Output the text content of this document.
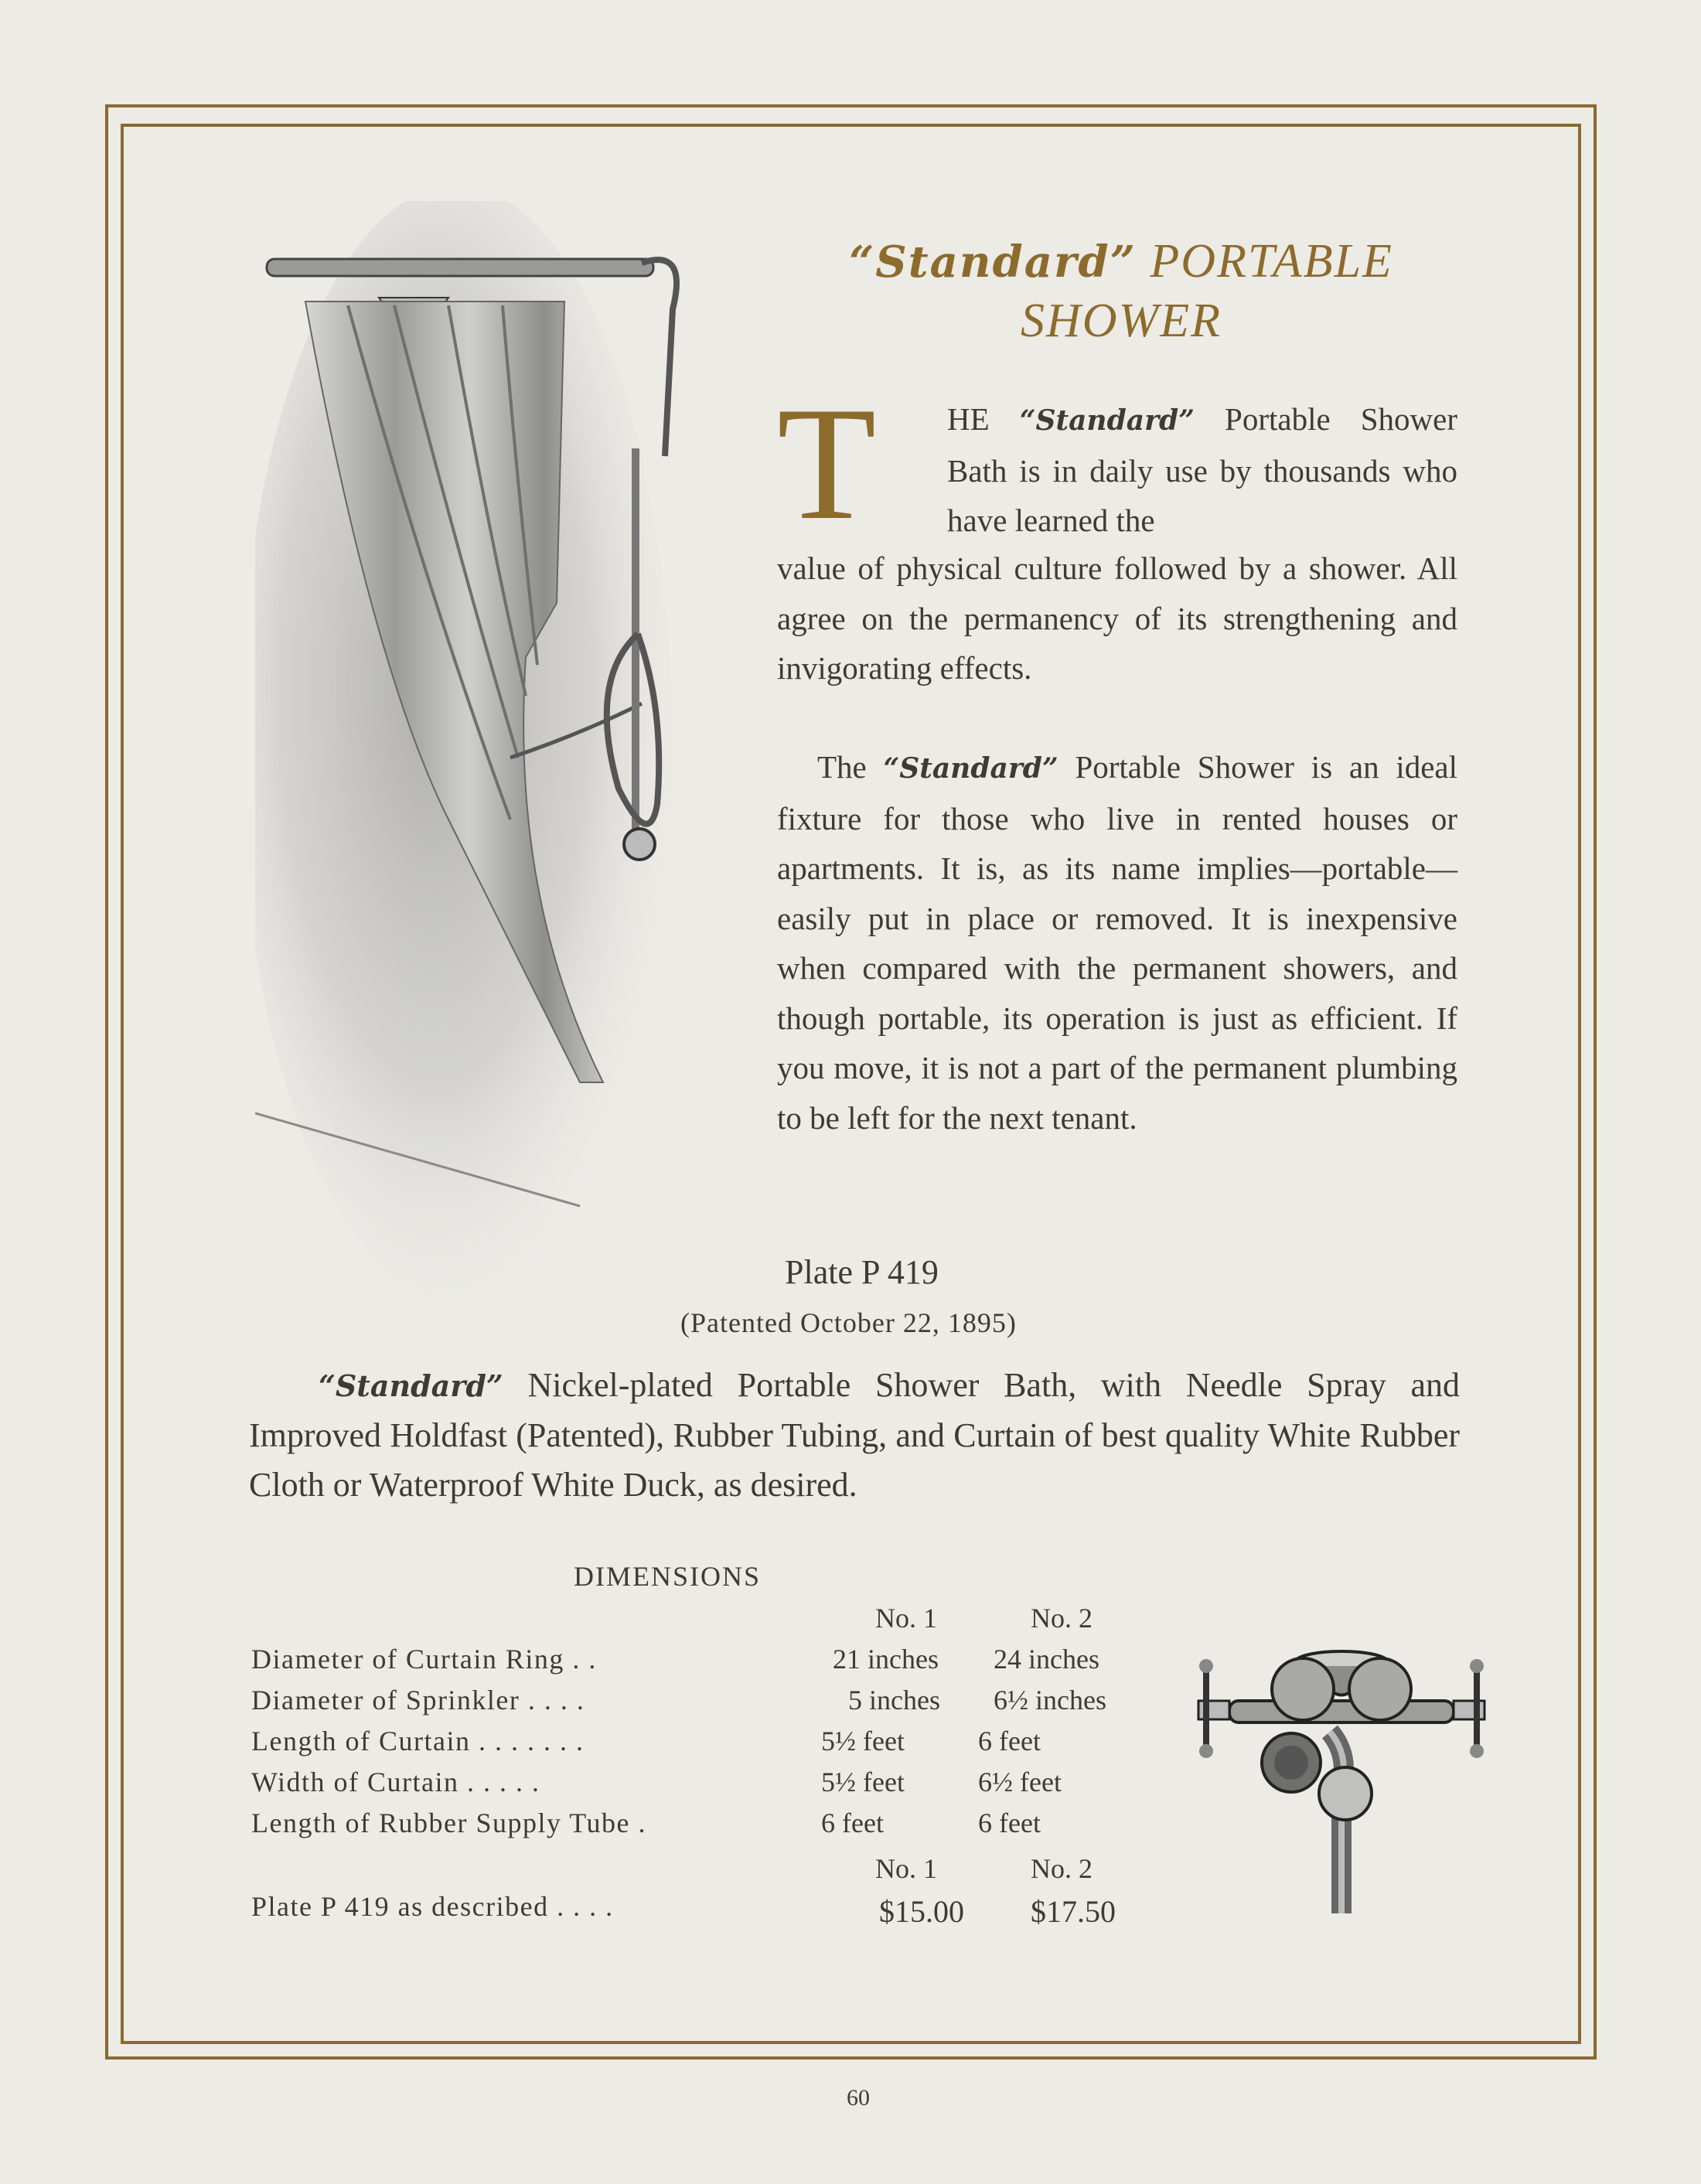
“Standard” PORTABLE
SHOWER
T HE “Standard” Portable Shower Bath is in daily use by thousands who have learned the

value of physical culture followed by a shower. All agree on the permanency of its strengthening and invigorating effects.

The “Standard” Portable Shower is an ideal fixture for those who live in rented houses or apartments. It is, as its name implies—portable—easily put in place or removed. It is inexpensive when compared with the permanent showers, and though portable, its operation is just as efficient. If you move, it is not a part of the permanent plumbing to be left for the next tenant.

Plate P 419
(Patented October 22, 1895)

“Standard” Nickel-plated Portable Shower Bath, with Needle Spray and Improved Holdfast (Patented), Rubber Tubing, and Curtain of best quality White Rubber Cloth or Waterproof White Duck, as desired.

DIMENSIONS
No. 1	No. 2
Diameter of Curtain Ring . .	21 inches 24 inches
Diameter of Sprinkler . . . .	5 inches 6½ inches
Length of Curtain . . . . . . .	5½ feet	6 feet
Width of Curtain . . . . .	5½ feet	6½ feet
Length of Rubber Supply Tube .	6 feet	6 feet
No. 1	No. 2
Plate P 419 as described . . . .	$15.00 $17.50
60
